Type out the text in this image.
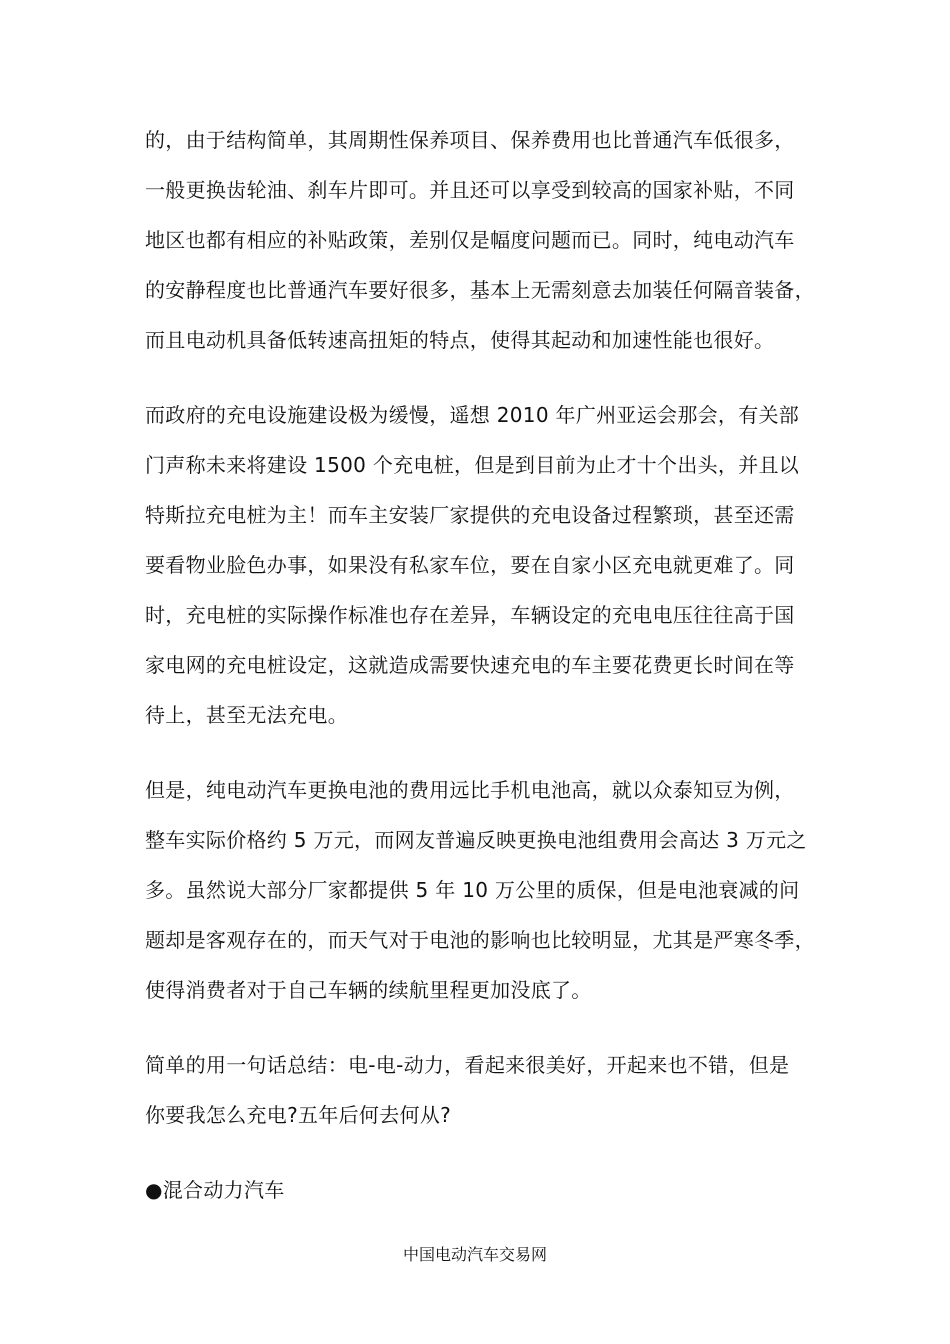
的，由于结构简单，其周期性保养项目、保养费用也比普通汽车低很多，
一般更换齿轮油、刹车片即可。并且还可以享受到较高的国家补贴，不同
地区也都有相应的补贴政策，差别仅是幅度问题而已。同时，纯电动汽车
的安静程度也比普通汽车要好很多，基本上无需刻意去加装任何隔音装备，
而且电动机具备低转速高扭矩的特点，使得其起动和加速性能也很好。
而政府的充电设施建设极为缓慢，遥想 2010 年广州亚运会那会，有关部
门声称未来将建设 1500 个充电桩，但是到目前为止才十个出头，并且以
特斯拉充电桩为主！而车主安装厂家提供的充电设备过程繁琐，甚至还需
要看物业脸色办事，如果没有私家车位，要在自家小区充电就更难了。同
时，充电桩的实际操作标准也存在差异，车辆设定的充电电压往往高于国
家电网的充电桩设定，这就造成需要快速充电的车主要花费更长时间在等
待上，甚至无法充电。
但是，纯电动汽车更换电池的费用远比手机电池高，就以众泰知豆为例，
整车实际价格约 5 万元，而网友普遍反映更换电池组费用会高达 3 万元之
多。虽然说大部分厂家都提供 5 年 10 万公里的质保，但是电池衰减的问
题却是客观存在的，而天气对于电池的影响也比较明显，尤其是严寒冬季，
使得消费者对于自己车辆的续航里程更加没底了。
简单的用一句话总结：电-电-动力，看起来很美好，开起来也不错，但是
你要我怎么充电?五年后何去何从?
●混合动力汽车
中国电动汽车交易网
